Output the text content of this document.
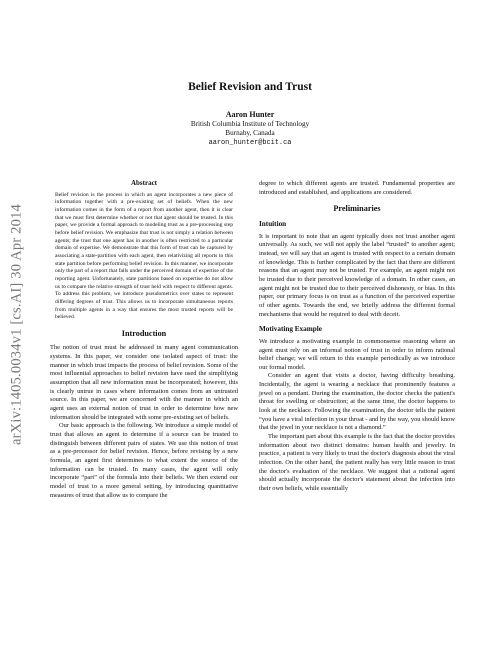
arXiv:1405.0034v1 [cs.AI] 30 Apr 2014
Belief Revision and Trust
Aaron Hunter
British Columbia Institute of Technology
Burnaby, Canada
aaron_hunter@bcit.ca
Abstract

Belief revision is the process in which an agent incorporates a new piece of information together with a pre-existing set of beliefs. When the new information comes in the form of a report from another agent, then it is clear that we must first determine whether or not that agent should be trusted. In this paper, we provide a formal approach to modeling trust as a pre-processing step before belief revision. We emphasize that trust is not simply a relation between agents; the trust that one agent has in another is often restricted to a particular domain of expertise. We demonstrate that this form of trust can be captured by associating a state-partition with each agent, then relativizing all reports to this state partition before performing belief revision. In this manner, we incorporate only the part of a report that falls under the perceived domain of expertise of the reporting agent. Unfortunately, state partitions based on expertise do not allow us to compare the relative strength of trust held with respect to different agents. To address this problem, we introduce pseudometrics over states to represent differing degrees of trust. This allows us to incorporate simultaneous reports from multiple agents in a way that ensures the most trusted reports will be believed.

Introduction

The notion of trust must be addressed in many agent communication systems. In this paper, we consider one isolated aspect of trust: the manner in which trust impacts the process of belief revision. Some of the most influential approaches to belief revision have used the simplifying assumption that all new information must be incorporated; however, this is clearly untrue in cases where information comes from an untrusted source. In this paper, we are concerned with the manner in which an agent uses an external notion of trust in order to determine how new information should be integrated with some pre-existing set of beliefs.

Our basic approach is the following. We introduce a simple model of trust that allows an agent to determine if a source can be trusted to distinguish between different pairs of states. We use this notion of trust as a pre-processor for belief revision. Hence, before revising by a new formula, an agent first determines to what extent the source of the information can be trusted. In many cases, the agent will only incorporate “part” of the formula into their beliefs. We then extend our model of trust to a more general setting, by introducing quantitative measures of trust that allow us to compare the

degree to which different agents are trusted. Fundamental properties are introduced and established, and applications are considered.

Preliminaries
Intuition

It is important to note that an agent typically does not trust another agent universally. As such, we will not apply the label “trusted” to another agent; instead, we will say that an agent is trusted with respect to a certain domain of knowledge. This is further complicated by the fact that there are different reasons that an agent may not be trusted. For example, an agent might not be trusted due to their perceived knowledge of a domain. In other cases, an agent might not be trusted due to their perceived dishonesty, or bias. In this paper, our primary focus is on trust as a function of the perceived expertise of other agents. Towards the end, we briefly address the different formal mechanisms that would be required to deal with deceit.

Motivating Example

We introduce a motivating example in commonsense reasoning where an agent must rely on an informal notion of trust in order to inform rational belief change; we will return to this example periodically as we introduce our formal model.

Consider an agent that visits a doctor, having difficulty breathing. Incidentally, the agent is wearing a necklace that prominently features a jewel on a pendant. During the examination, the doctor checks the patient's throat for swelling or obstruction; at the same time, the doctor happens to look at the necklace. Following the examination, the doctor tells the patient “you have a viral infection in your throat - and by the way, you should know that the jewel in your necklace is not a diamond.”

The important part about this example is the fact that the doctor provides information about two distinct domains: human health and jewelry. In practice, a patient is very likely to trust the doctor's diagnosis about the viral infection. On the other hand, the patient really has very little reason to trust the doctor's evaluation of the necklace. We suggest that a rational agent should actually incorporate the doctor's statement about the infection into their own beliefs, while essentially
